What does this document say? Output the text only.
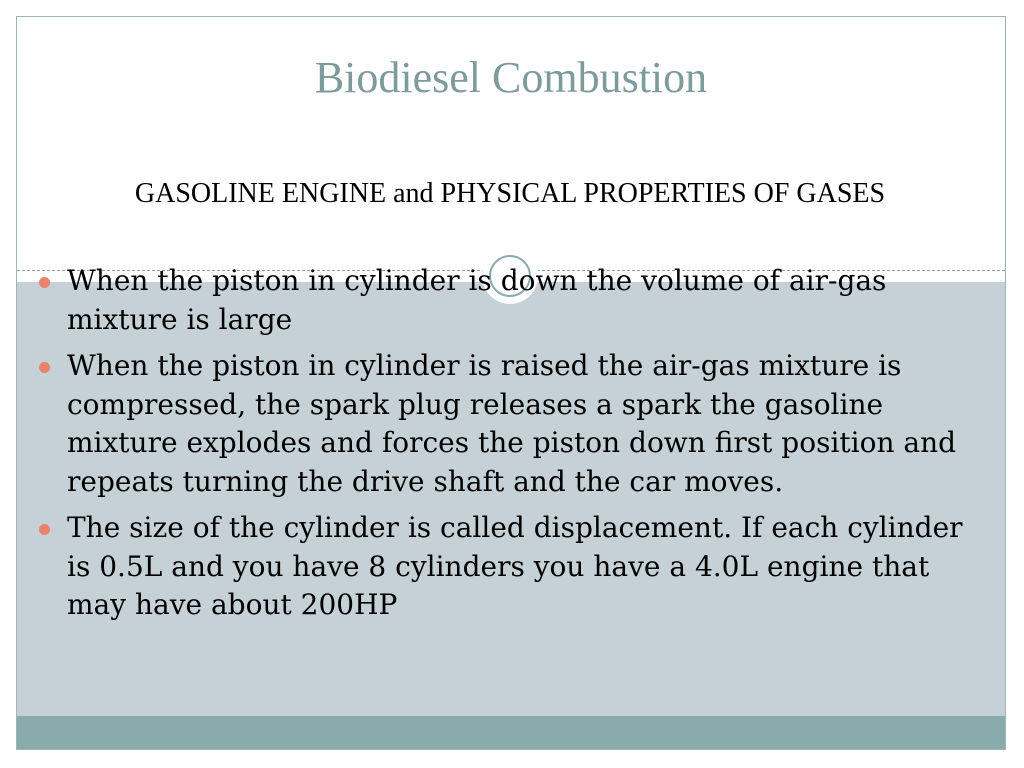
Biodiesel Combustion

GASOLINE ENGINE and PHYSICAL PROPERTIES OF GASES

When the piston in cylinder is down the volume of air-gas mixture is large
When the piston in cylinder is raised the air-gas mixture is compressed, the spark plug releases a spark the gasoline mixture explodes and forces the piston down first position and repeats turning the drive shaft and the car moves.
The size of the cylinder is called displacement. If each cylinder is 0.5L and you have 8 cylinders you have a 4.0L engine that may have about 200HP
